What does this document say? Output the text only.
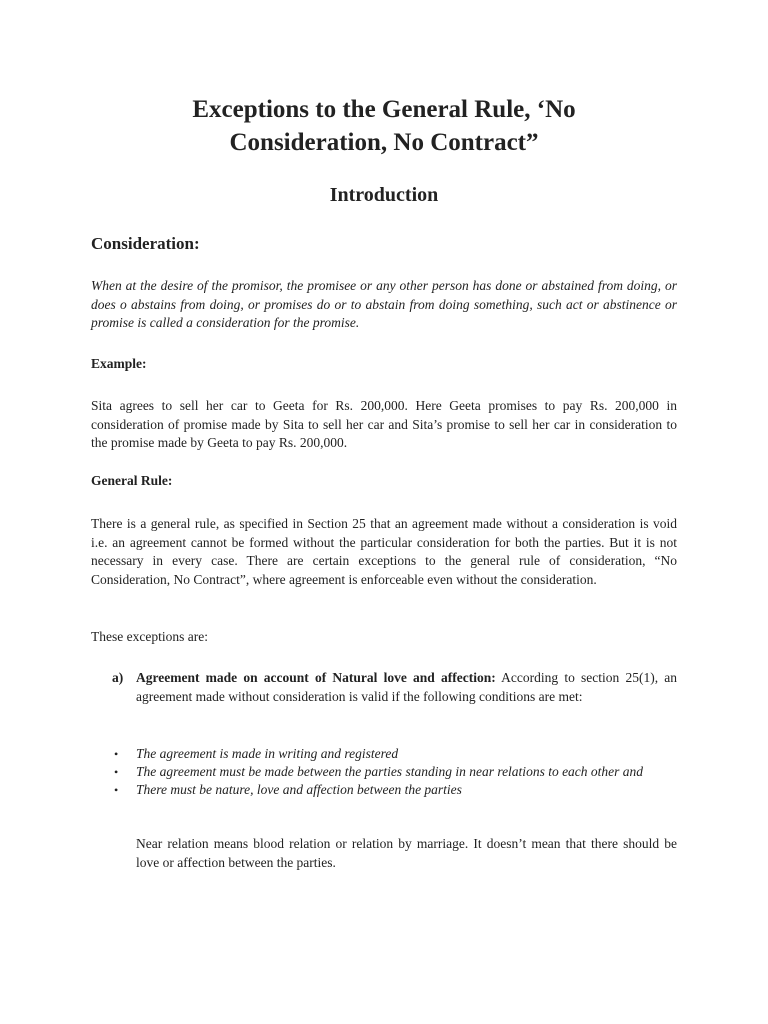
Exceptions to the General Rule, ‘No
Consideration, No Contract”
Introduction
Consideration:
When at the desire of the promisor, the promisee or any other person has done or abstained from doing, or does o abstains from doing, or promises do or to abstain from doing something, such act or abstinence or promise is called a consideration for the promise.
Example:
Sita agrees to sell her car to Geeta for Rs. 200,000. Here Geeta promises to pay Rs. 200,000 in consideration of promise made by Sita to sell her car and Sita’s promise to sell her car in consideration to the promise made by Geeta to pay Rs. 200,000.
General Rule:
There is a general rule, as specified in Section 25 that an agreement made without a consideration is void i.e. an agreement cannot be formed without the particular consideration for both the parties. But it is not necessary in every case. There are certain exceptions to the general rule of consideration, “No Consideration, No Contract”, where agreement is enforceable even without the consideration.
These exceptions are:
a) Agreement made on account of Natural love and affection: According to section 25(1), an agreement made without consideration is valid if the following conditions are met:
• The agreement is made in writing and registered
• The agreement must be made between the parties standing in near relations to each other and
• There must be nature, love and affection between the parties
Near relation means blood relation or relation by marriage. It doesn’t mean that there should be love or affection between the parties.
